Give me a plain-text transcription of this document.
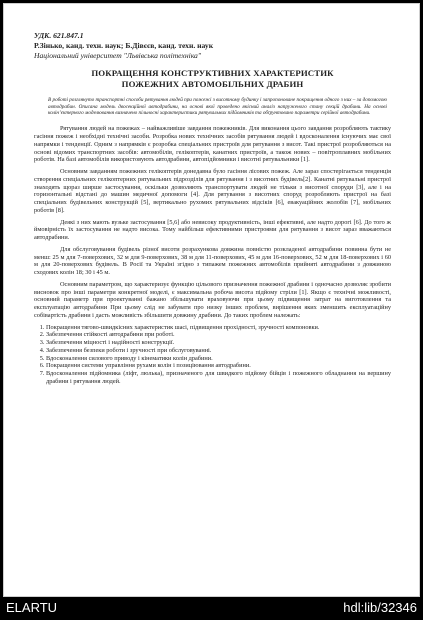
УДК. 621.847.1
Р.Зінько, канд. техн. наук; Б.Дівєєв, канд. техн. наук
Національний університет "Львівська політехніка"
ПОКРАЩЕННЯ КОНСТРУКТИВНИХ ХАРАКТЕРИСТИК
ПОЖЕЖНИХ АВТОМОБІЛЬНИХ ДРАБИН
В роботі розглянуто транспортні способи рятування людей при пожежі з висотному будинку і запропоноване покращення одного з них – за допомогою автодрабин. Описана модель двосекційної автодрабини, на основі якої проведено якісний аналіз напруженого стану секцій драбини. На основі колін’єктерного моделювання визначено пільносні характеристики рятувальних підйомників та обґрунтовано параметри серійної автодрабини.

Рятування людей на пожежах – найважливіше завдання пожежників. Для виконання цього завдання розробляють тактику гасіння пожеж і необхідні технічні засоби. Розробка нових технічних засобів рятування людей і вдосконалення існуючих має свої напрямки і тенденції. Одним з напрямків є розробка спеціальних пристроїв для рятування з висот. Такі пристрої розробляються на основі відомих транспортних засобів: автомобілів, гелікоптерів, канатних пристроїв, а також нових – повітроплавних мобільних роботів. На базі автомобілів використовують автодрабини, автопідйомники і висотні рятувальники [1].

Основним завданням пожежних гелікоптерів донедавна було гасіння лісових пожеж. Але зараз спостерігається тенденція створення спеціальних гелікоптерних рятувальних підрозділів для рятування і з висотних будівель[2]. Канатні рятувальні пристрої знаходять щораз ширше застосування, оскільки дозволяють транспортувати людей не тільки з висотної споруди [3], але і на горизонтальні відстані до машин медичної допомоги [4]. Для рятування з висотних споруд розробляють пристрої на базі спеціальних будівельних конструкцій [5], вертикально рухомих рятувальних відсіків [6], евакуаційних жолобів [7], мобільних роботів [8].

Деякі з них мають вузьке застосування [5,6] або невисоку продуктивність, інші ефективні, але надто дорогі [6]. До того ж ймовірність їх застосування не надто висока. Тому найбільш ефективними пристроями для рятування з висот зараз вважаються автодрабини.

Для обслуговування будівель різної висоти розрахункова довжина повністю розкладеної автодрабини повинна бути не менш: 25 м для 7-поверхових, 32 м для 9-поверхових, 38 м для 11-поверхових, 45 м для 16-поверхових, 52 м для 18-поверхових і 60 м для 20-поверхових будівель. В Росії та Україні згідно з типажем пожежних автомобілів прийняті автодрабини з довжиною сходових колін 18; 30 і 45 м.

Основним параметром, що характеризує функцію цільового призначення пожежної драбини і одночасно дозволяє зробити висновок про інші параметри конкретної моделі, є максимальна робоча висота підйому стріли [1]. Якщо є технічні можливості, основний параметр при проектуванні бажано збільшувати враховуючи при цьому підвищення затрат на виготовлення та експлуатацію автодрабини При цьому слід не забувати про низку інших проблем, вирішення яких зменшить експлуатаційну собівартість драбини і дасть можливість збільшити довжину драбини. До таких проблем належать:

1. Покращення тягово-швидкісних характеристик шасі, підвищення прохідності, зручності компоновки.
2. Забезпечення стійкості автодрабини при роботі.
3. Забезпечення міцності і надійності конструкції.
4. Забезпечення безпеки роботи і зручності при обслуговуванні.
5. Вдосконалення силового приводу і кінематики колін драбини.
6. Покращення системи управління рухами колін і позиціювання автодрабини.
7. Вдосконалення підйомника (ліфт, люлька), призначеного для швидкого підйому бійців і пожежного обладнання на вершину драбини і рятування людей.
ELARTU	hdl:lib/32346
